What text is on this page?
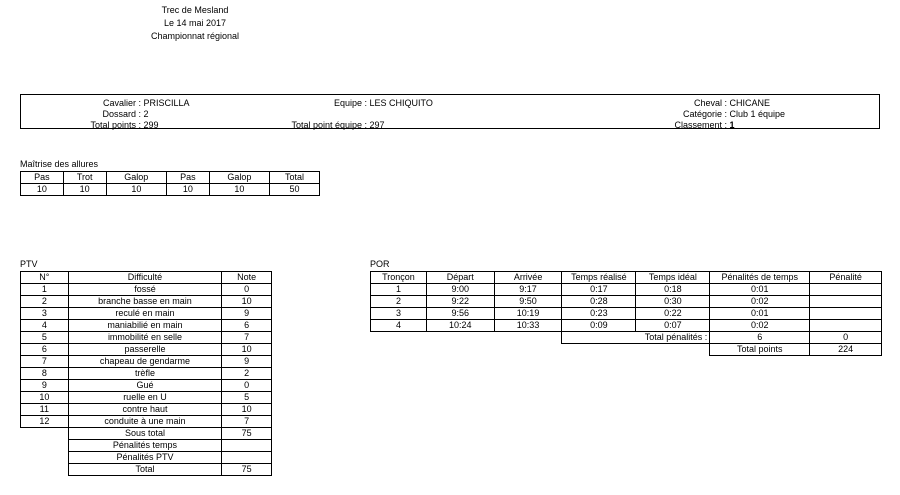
Trec de Mesland
Le 14 mai 2017
Championnat régional
Cavalier : PRISCILLA
Dossard : 2
Total points : 299
Equipe : LES CHIQUITO
Total point équipe : 297
Cheval : CHICANE
Catégorie : Club 1 équipe
Classement : 1
Maîtrise des allures
Pas	Trot	Galop	Pas	Galop	Total
10	10	10	10	10	50
PTV
N°	Difficulté	Note
1	fossé	0
2	branche basse en main	10
3	reculé en main	9
4	maniabilié en main	6
5	immobilité en selle	7
6	passerelle	10
7	chapeau de gendarme	9
8	trèfle	2
9	Gué	0
10	ruelle en U	5
11	contre haut	10
12	conduite à une main	7
	Sous total	75
	Pénalités temps	
	Pénalités PTV	
	Total	75
POR
Tronçon	Départ	Arrivée	Temps réalisé	Temps idéal	Pénalités de temps	Pénalité
1	9:00	9:17	0:17	0:18	0:01	
2	9:22	9:50	0:28	0:30	0:02	
3	9:56	10:19	0:23	0:22	0:01	
4	10:24	10:33	0:09	0:07	0:02	
			Total pénalités :		6	0
					Total points	224
